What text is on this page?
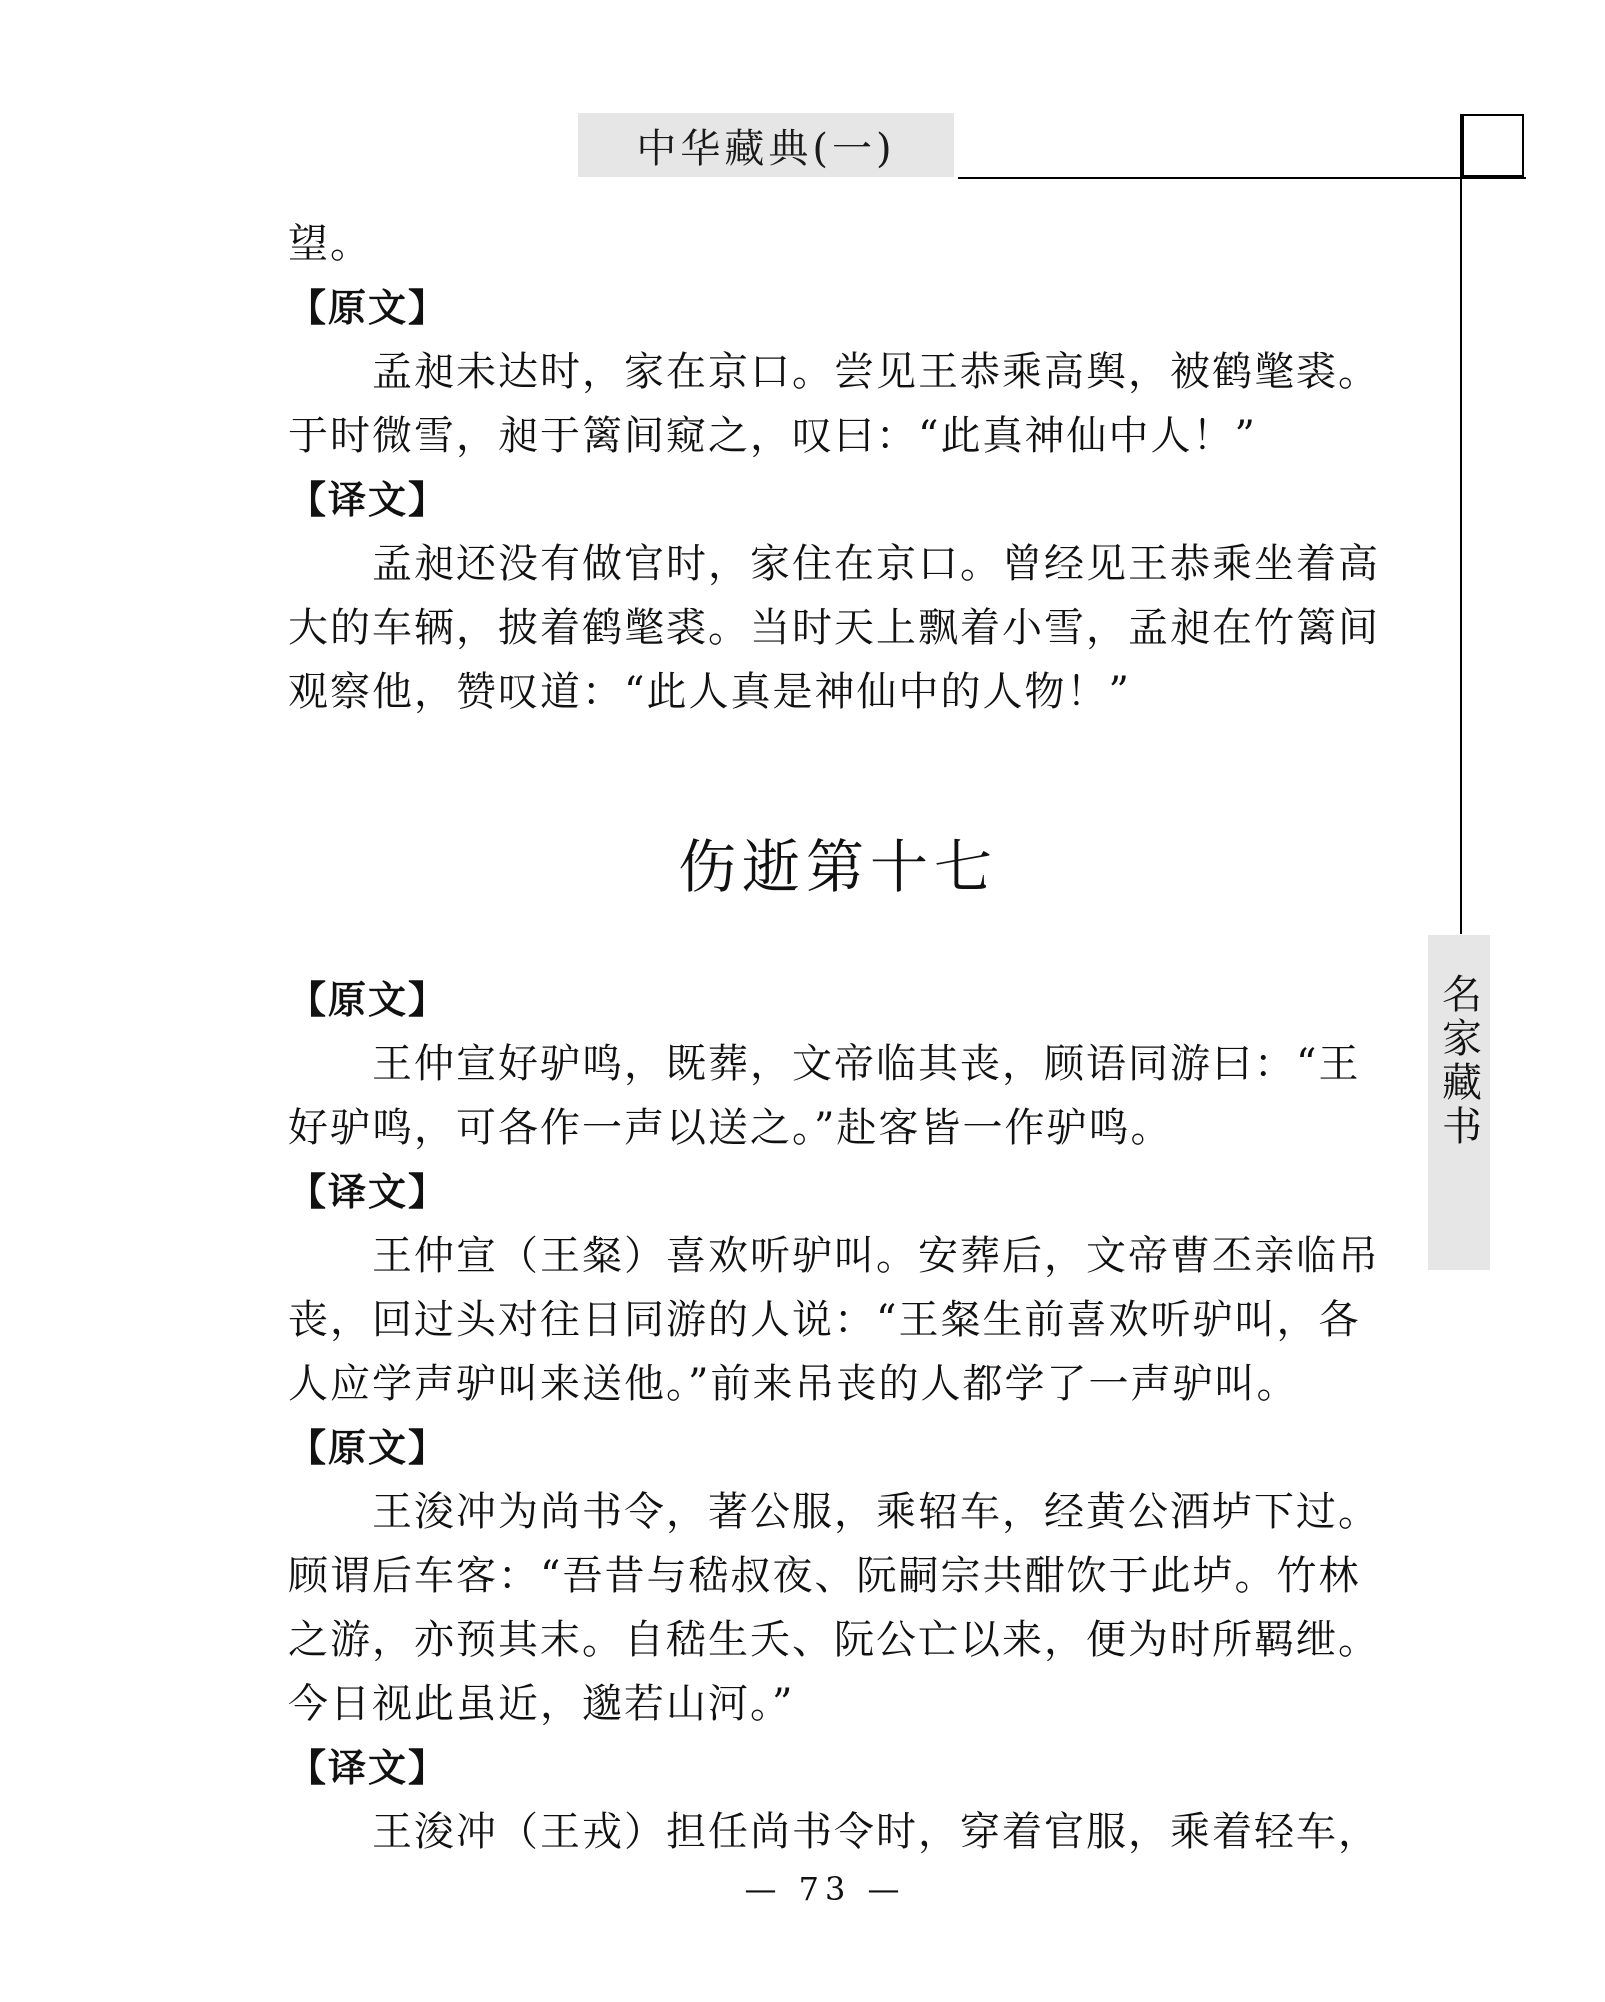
中华藏典(一)
名家藏书
望。
【原文】
孟昶未达时，家在京口。尝见王恭乘高舆，被鹤氅裘。
于时微雪，昶于篱间窥之，叹曰：“此真神仙中人！”
【译文】
孟昶还没有做官时，家住在京口。曾经见王恭乘坐着高
大的车辆，披着鹤氅裘。当时天上飘着小雪，孟昶在竹篱间
观察他，赞叹道：“此人真是神仙中的人物！”
伤逝第十七
【原文】
王仲宣好驴鸣，既葬，文帝临其丧，顾语同游曰：“王
好驴鸣，可各作一声以送之。”赴客皆一作驴鸣。
【译文】
王仲宣（王粲）喜欢听驴叫。安葬后，文帝曹丕亲临吊
丧，回过头对往日同游的人说：“王粲生前喜欢听驴叫，各
人应学声驴叫来送他。”前来吊丧的人都学了一声驴叫。
【原文】
王浚冲为尚书令，著公服，乘轺车，经黄公酒垆下过。
顾谓后车客：“吾昔与嵇叔夜、阮嗣宗共酣饮于此垆。竹林
之游，亦预其末。自嵇生夭、阮公亡以来，便为时所羁绁。
今日视此虽近，邈若山河。”
【译文】
王浚冲（王戎）担任尚书令时，穿着官服，乘着轻车，
— 73 —
